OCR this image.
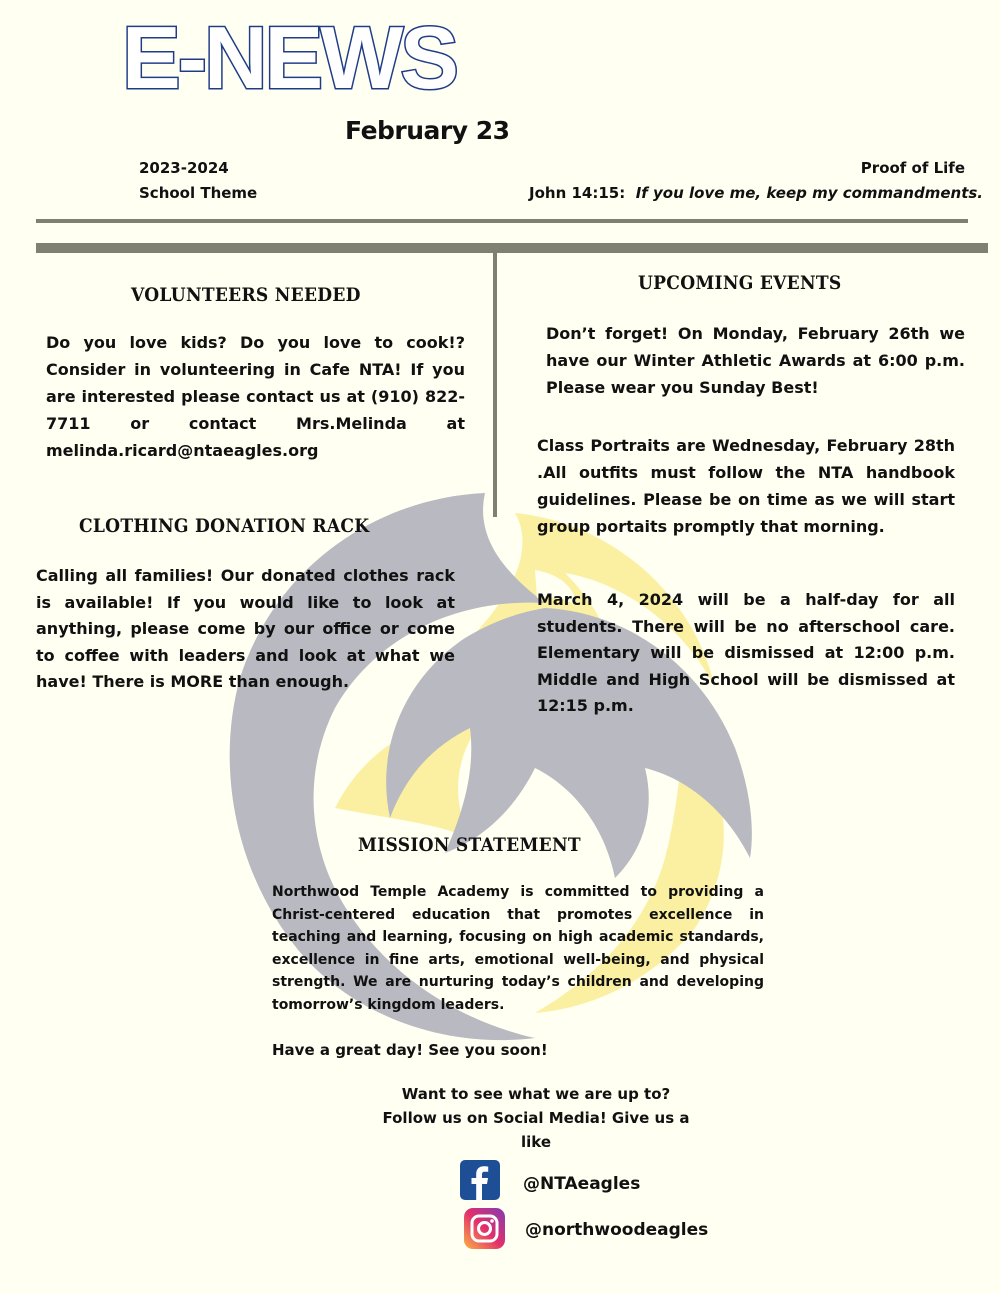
E-NEWS
February 23
2023-2024
School Theme
Proof of Life
John 14:15: If you love me, keep my commandments.
VOLUNTEERS NEEDED
Do you love kids? Do you love to cook!? Consider in volunteering in Cafe NTA! If you are interested please contact us at (910) 822-7711 or contact Mrs.Melinda at melinda.ricard@ntaeagles.org
CLOTHING DONATION RACK
Calling all families! Our donated clothes rack is available! If you would like to look at anything, please come by our office or come to coffee with leaders and look at what we have! There is MORE than enough.
UPCOMING EVENTS
Don’t forget! On Monday, February 26th we have our Winter Athletic Awards at 6:00 p.m. Please wear you Sunday Best!
Class Portraits are Wednesday, February 28th .All outfits must follow the NTA handbook guidelines. Please be on time as we will start group portaits promptly that morning.
March 4, 2024 will be a half-day for all students. There will be no afterschool care. Elementary will be dismissed at 12:00 p.m. Middle and High School will be dismissed at 12:15 p.m.
MISSION STATEMENT
Northwood Temple Academy is committed to providing a Christ-centered education that promotes excellence in teaching and learning, focusing on high academic standards, excellence in fine arts, emotional well-being, and physical strength. We are nurturing today’s children and developing tomorrow’s kingdom leaders.
Have a great day! See you soon!
Want to see what we are up to?
Follow us on Social Media! Give us a
like
@NTAeagles
@northwoodeagles
